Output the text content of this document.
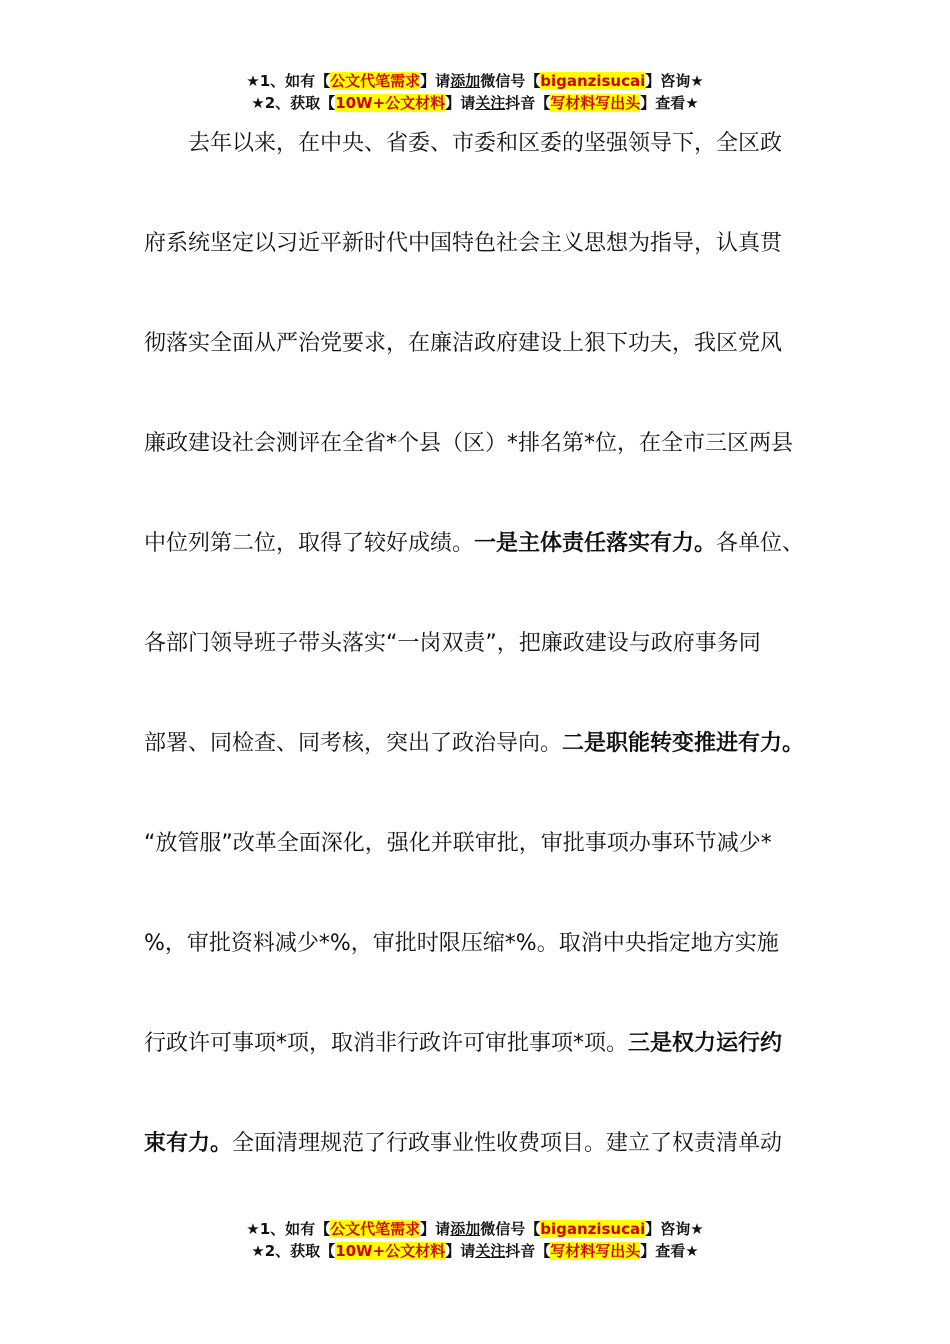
★1、如有【公文代笔需求】请添加微信号【biganzisucai】咨询★
★2、获取【10W+公文材料】请关注抖音【写材料写出头】查看★
　　去年以来，在中央、省委、市委和区委的坚强领导下，全区政
府系统坚定以习近平新时代中国特色社会主义思想为指导，认真贯
彻落实全面从严治党要求，在廉洁政府建设上狠下功夫，我区党风
廉政建设社会测评在全省*个县（区）*排名第*位，在全市三区两县
中位列第二位，取得了较好成绩。一是主体责任落实有力。各单位、
各部门领导班子带头落实“一岗双责”，把廉政建设与政府事务同
部署、同检查、同考核，突出了政治导向。二是职能转变推进有力。
“放管服”改革全面深化，强化并联审批，审批事项办事环节减少*
%，审批资料减少*%，审批时限压缩*%。取消中央指定地方实施
行政许可事项*项，取消非行政许可审批事项*项。三是权力运行约
束有力。全面清理规范了行政事业性收费项目。建立了权责清单动
★1、如有【公文代笔需求】请添加微信号【biganzisucai】咨询★
★2、获取【10W+公文材料】请关注抖音【写材料写出头】查看★
